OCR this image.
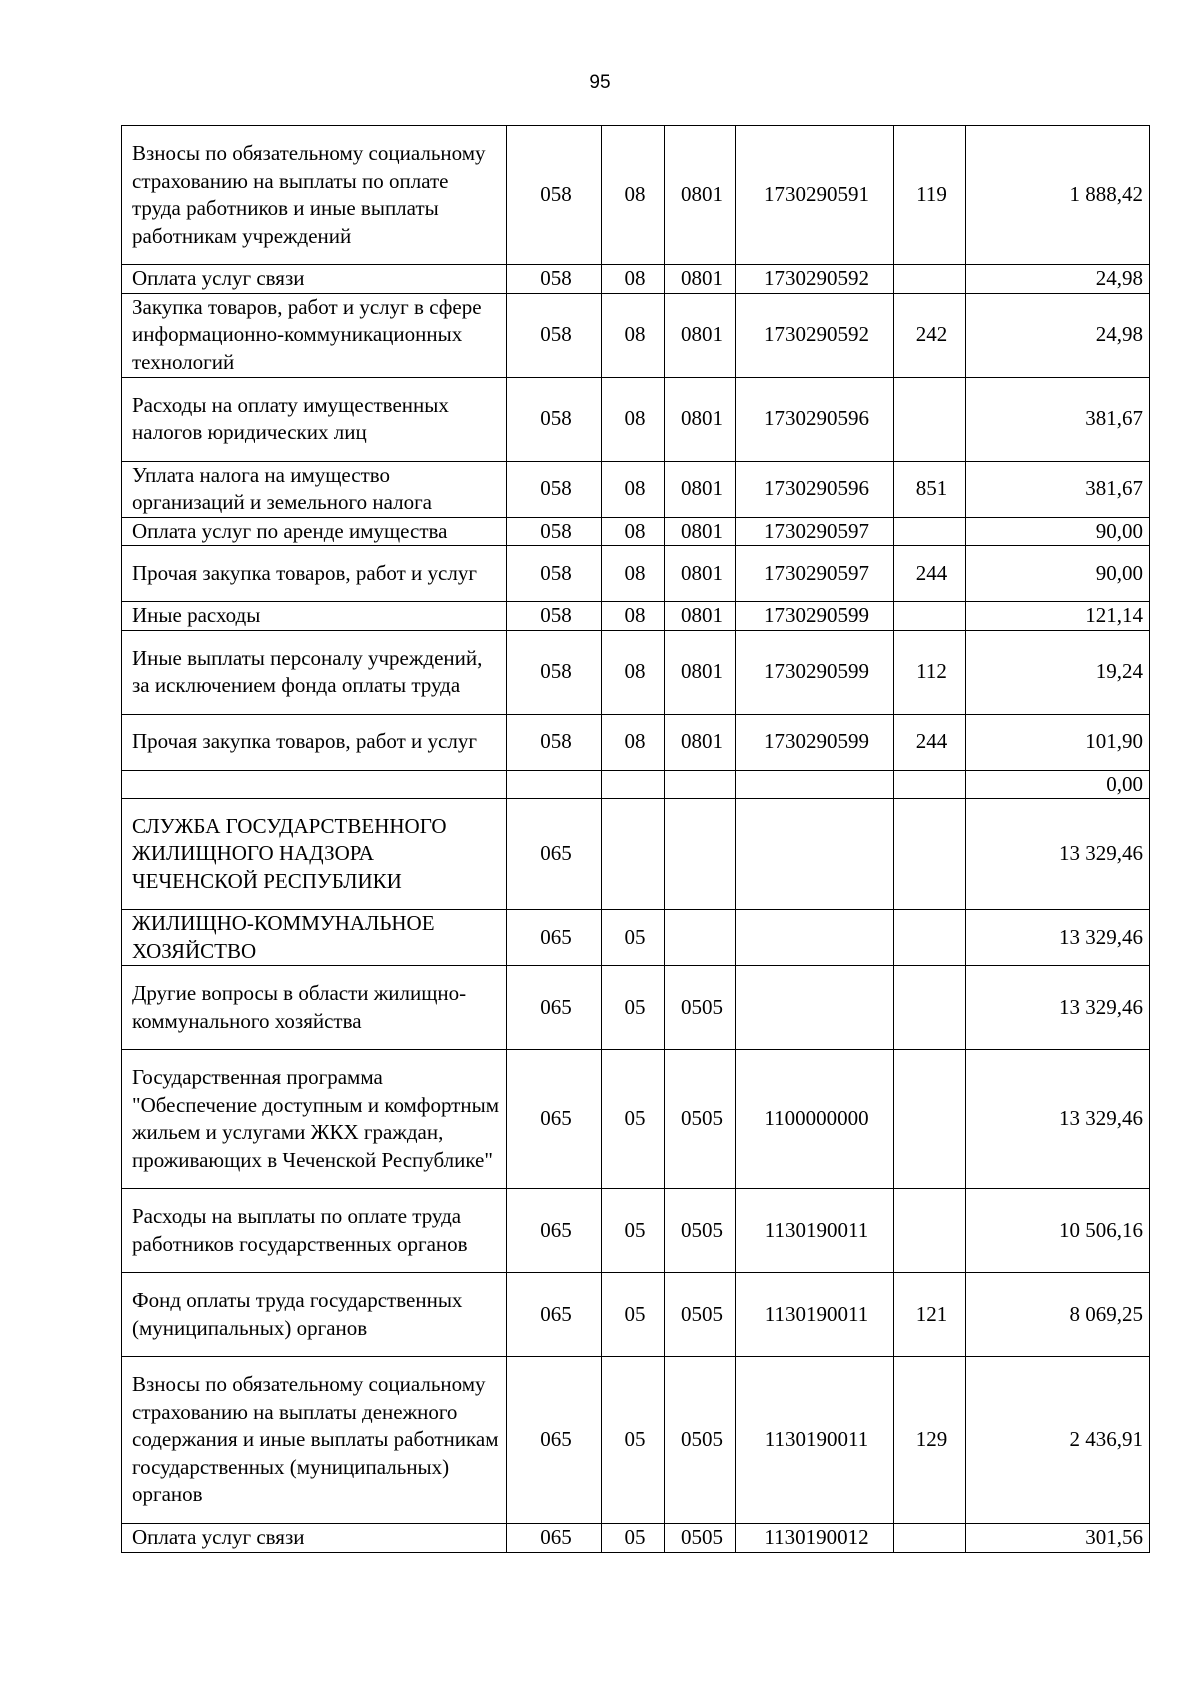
95
Взносы по обязательному социальному страхованию на выплаты по оплате труда работников и иные выплаты работникам учреждений	058	08	0801	1730290591	119	1 888,42
Оплата услуг связи	058	08	0801	1730290592		24,98
Закупка товаров, работ и услуг в сфере информационно-коммуникационных технологий	058	08	0801	1730290592	242	24,98
Расходы на оплату имущественных налогов юридических лиц	058	08	0801	1730290596		381,67
Уплата налога на имущество организаций и земельного налога	058	08	0801	1730290596	851	381,67
Оплата услуг по аренде имущества	058	08	0801	1730290597		90,00
Прочая закупка товаров, работ и услуг	058	08	0801	1730290597	244	90,00
Иные расходы	058	08	0801	1730290599		121,14
Иные выплаты персоналу учреждений, за исключением фонда оплаты труда	058	08	0801	1730290599	112	19,24
Прочая закупка товаров, работ и услуг	058	08	0801	1730290599	244	101,90
						0,00
СЛУЖБА ГОСУДАРСТВЕННОГО ЖИЛИЩНОГО НАДЗОРА ЧЕЧЕНСКОЙ РЕСПУБЛИКИ	065					13 329,46
ЖИЛИЩНО-КОММУНАЛЬНОЕ ХОЗЯЙСТВО	065	05				13 329,46
Другие вопросы в области жилищно-коммунального хозяйства	065	05	0505			13 329,46
Государственная программа "Обеспечение доступным и комфортным жильем и услугами ЖКХ граждан, проживающих в Чеченской Республике"	065	05	0505	1100000000		13 329,46
Расходы на выплаты по оплате труда работников государственных органов	065	05	0505	1130190011		10 506,16
Фонд оплаты труда государственных (муниципальных) органов	065	05	0505	1130190011	121	8 069,25
Взносы по обязательному социальному страхованию на выплаты денежного содержания и иные выплаты работникам государственных (муниципальных) органов	065	05	0505	1130190011	129	2 436,91
Оплата услуг связи	065	05	0505	1130190012		301,56
